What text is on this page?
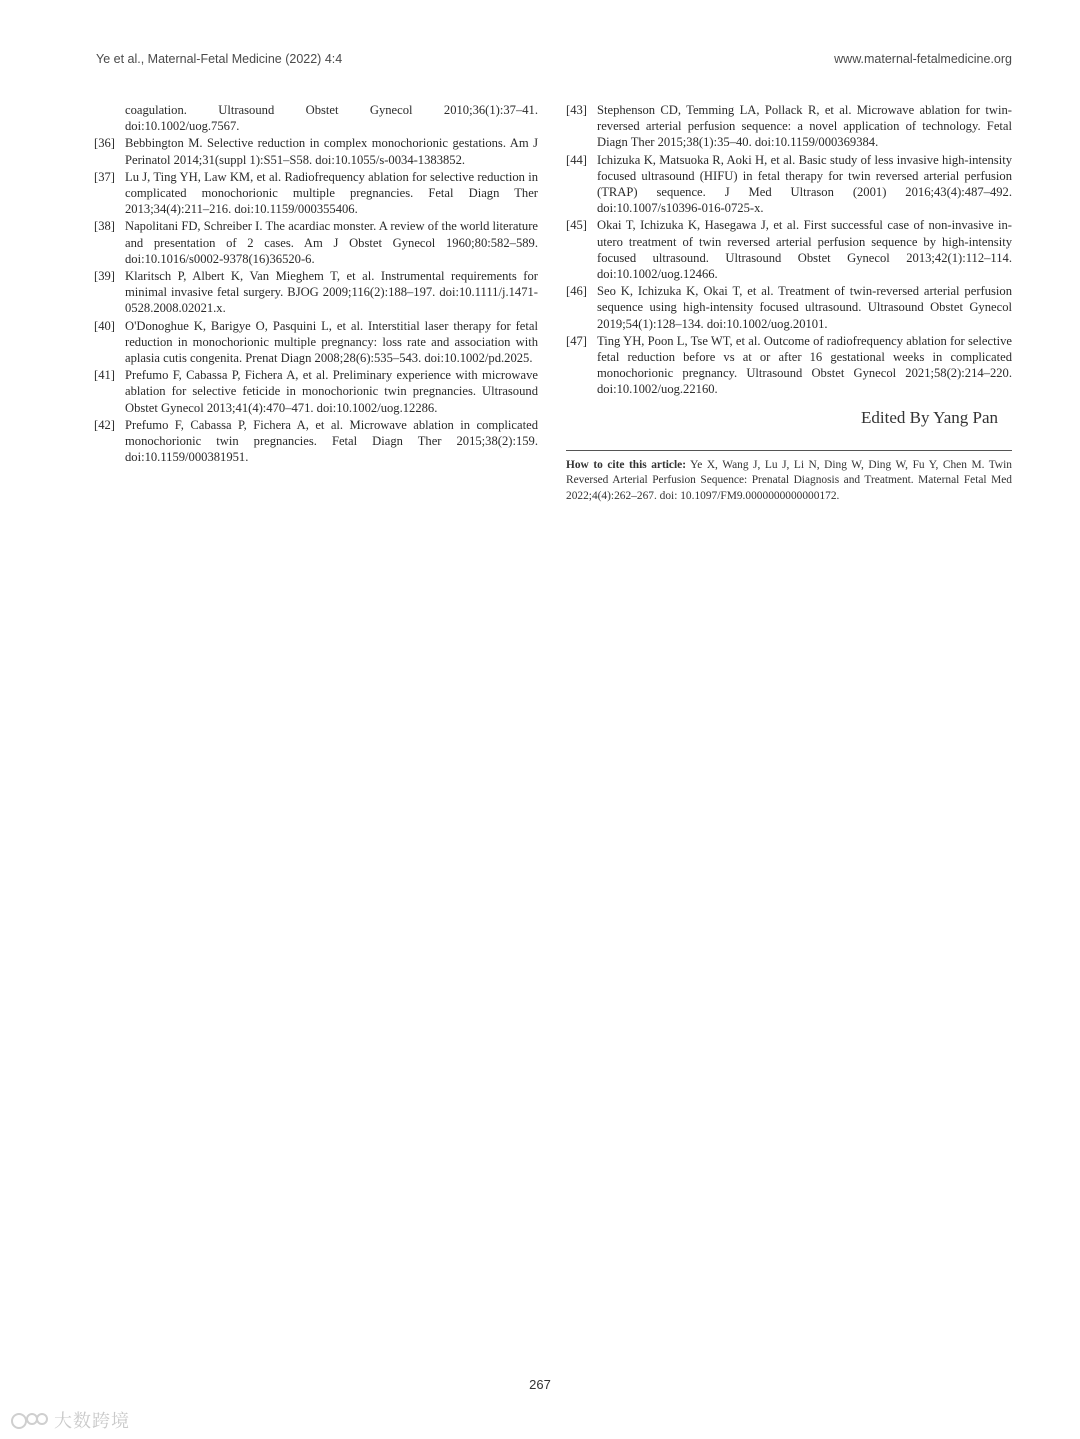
Ye et al., Maternal-Fetal Medicine (2022) 4:4	www.maternal-fetalmedicine.org
coagulation. Ultrasound Obstet Gynecol 2010;36(1):37–41. doi:10.1002/uog.7567.
[36] Bebbington M. Selective reduction in complex monochorionic gestations. Am J Perinatol 2014;31(suppl 1):S51–S58. doi:10.1055/s-0034-1383852.
[37] Lu J, Ting YH, Law KM, et al. Radiofrequency ablation for selective reduction in complicated monochorionic multiple pregnancies. Fetal Diagn Ther 2013;34(4):211–216. doi:10.1159/000355406.
[38] Napolitani FD, Schreiber I. The acardiac monster. A review of the world literature and presentation of 2 cases. Am J Obstet Gynecol 1960;80:582–589. doi:10.1016/s0002-9378(16)36520-6.
[39] Klaritsch P, Albert K, Van Mieghem T, et al. Instrumental requirements for minimal invasive fetal surgery. BJOG 2009;116(2):188–197. doi:10.1111/j.1471-0528.2008.02021.x.
[40] O'Donoghue K, Barigye O, Pasquini L, et al. Interstitial laser therapy for fetal reduction in monochorionic multiple pregnancy: loss rate and association with aplasia cutis congenita. Prenat Diagn 2008;28(6):535–543. doi:10.1002/pd.2025.
[41] Prefumo F, Cabassa P, Fichera A, et al. Preliminary experience with microwave ablation for selective feticide in monochorionic twin pregnancies. Ultrasound Obstet Gynecol 2013;41(4):470–471. doi:10.1002/uog.12286.
[42] Prefumo F, Cabassa P, Fichera A, et al. Microwave ablation in complicated monochorionic twin pregnancies. Fetal Diagn Ther 2015;38(2):159. doi:10.1159/000381951.
[43] Stephenson CD, Temming LA, Pollack R, et al. Microwave ablation for twin-reversed arterial perfusion sequence: a novel application of technology. Fetal Diagn Ther 2015;38(1):35–40. doi:10.1159/000369384.
[44] Ichizuka K, Matsuoka R, Aoki H, et al. Basic study of less invasive high-intensity focused ultrasound (HIFU) in fetal therapy for twin reversed arterial perfusion (TRAP) sequence. J Med Ultrason (2001) 2016;43(4):487–492. doi:10.1007/s10396-016-0725-x.
[45] Okai T, Ichizuka K, Hasegawa J, et al. First successful case of non-invasive in-utero treatment of twin reversed arterial perfusion sequence by high-intensity focused ultrasound. Ultrasound Obstet Gynecol 2013;42(1):112–114. doi:10.1002/uog.12466.
[46] Seo K, Ichizuka K, Okai T, et al. Treatment of twin-reversed arterial perfusion sequence using high-intensity focused ultrasound. Ultrasound Obstet Gynecol 2019;54(1):128–134. doi:10.1002/uog.20101.
[47] Ting YH, Poon L, Tse WT, et al. Outcome of radiofrequency ablation for selective fetal reduction before vs at or after 16 gestational weeks in complicated monochorionic pregnancy. Ultrasound Obstet Gynecol 2021;58(2):214–220. doi:10.1002/uog.22160.
Edited By Yang Pan
How to cite this article: Ye X, Wang J, Lu J, Li N, Ding W, Ding W, Fu Y, Chen M. Twin Reversed Arterial Perfusion Sequence: Prenatal Diagnosis and Treatment. Maternal Fetal Med 2022;4(4):262–267. doi: 10.1097/FM9.0000000000000172.
267
大数跨境
